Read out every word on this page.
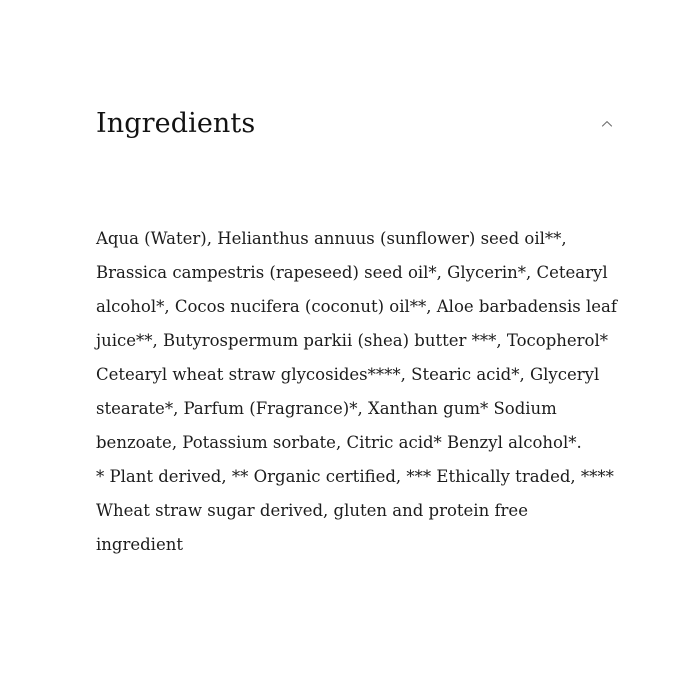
Ingredients

Aqua (Water), Helianthus annuus (sunflower) seed oil**, Brassica campestris (rapeseed) seed oil*, Glycerin*, Cetearyl alcohol*, Cocos nucifera (coconut) oil**, Aloe barbadensis leaf juice**, Butyrospermum parkii (shea) butter ***, Tocopherol* Cetearyl wheat straw glycosides****, Stearic acid*, Glyceryl stearate*, Parfum (Fragrance)*, Xanthan gum* Sodium benzoate, Potassium sorbate, Citric acid* Benzyl alcohol*.

* Plant derived, ** Organic certified, *** Ethically traded, **** Wheat straw sugar derived, gluten and protein free ingredient
